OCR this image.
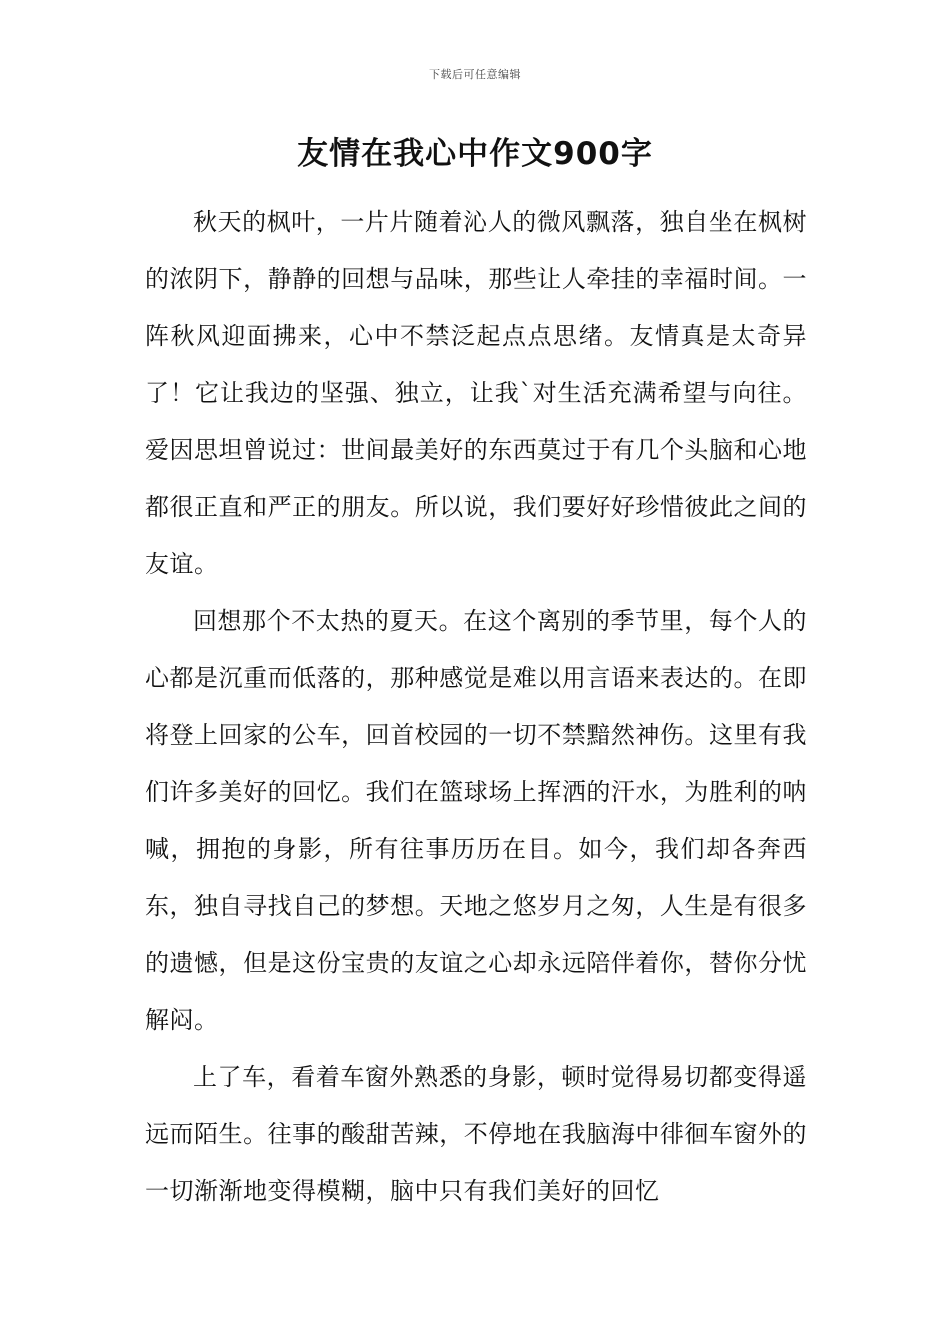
下载后可任意编辑
友情在我心中作文900字

秋天的枫叶，一片片随着沁人的微风飘落，独自坐在枫树的浓阴下，静静的回想与品味，那些让人牵挂的幸福时间。一阵秋风迎面拂来，心中不禁泛起点点思绪。友情真是太奇异了！它让我边的坚强、独立，让我`对生活充满希望与向往。爱因思坦曾说过：世间最美好的东西莫过于有几个头脑和心地都很正直和严正的朋友。所以说，我们要好好珍惜彼此之间的友谊。

回想那个不太热的夏天。在这个离别的季节里，每个人的心都是沉重而低落的，那种感觉是难以用言语来表达的。在即将登上回家的公车，回首校园的一切不禁黯然神伤。这里有我们许多美好的回忆。我们在篮球场上挥洒的汗水，为胜利的呐喊，拥抱的身影，所有往事历历在目。如今，我们却各奔西东，独自寻找自己的梦想。天地之悠岁月之匆，人生是有很多的遗憾，但是这份宝贵的友谊之心却永远陪伴着你，替你分忧解闷。

上了车，看着车窗外熟悉的身影，顿时觉得易切都变得遥远而陌生。往事的酸甜苦辣，不停地在我脑海中徘徊车窗外的一切渐渐地变得模糊，脑中只有我们美好的回忆
